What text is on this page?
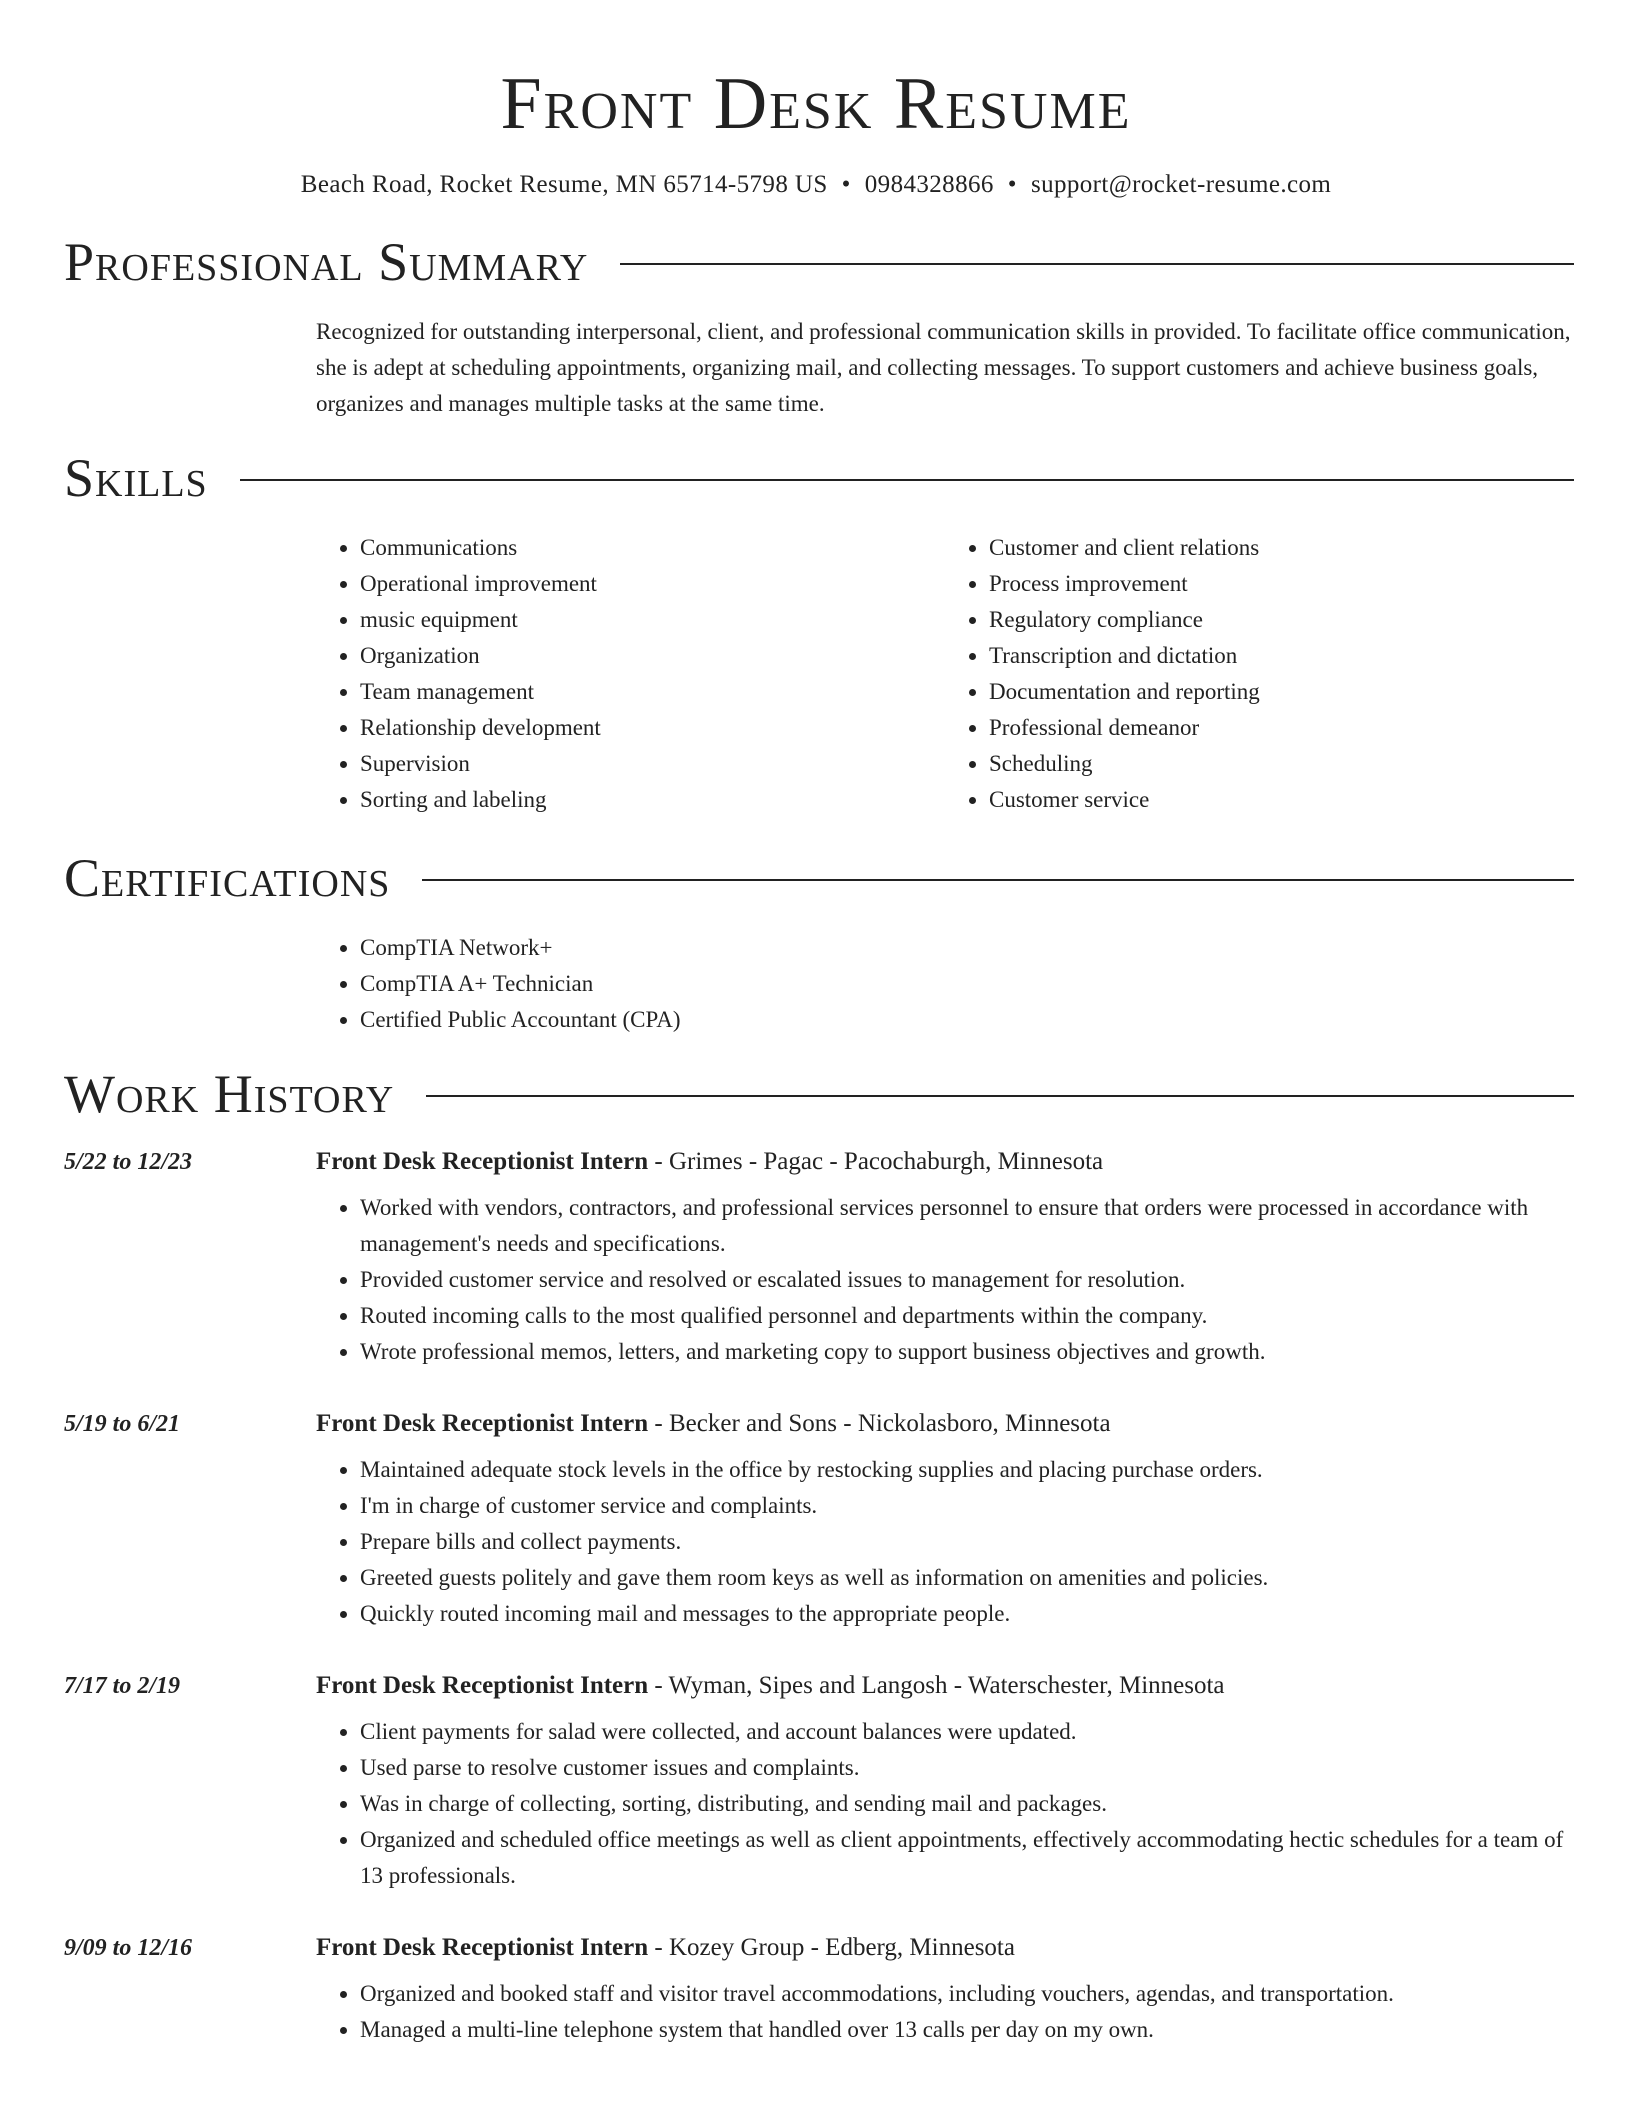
Front Desk Resume
Beach Road, Rocket Resume, MN 65714-5798 US • 0984328866 • support@rocket-resume.com
Professional Summary

Recognized for outstanding interpersonal, client, and professional communication skills in provided. To facilitate office communication, she is adept at scheduling appointments, organizing mail, and collecting messages. To support customers and achieve business goals, organizes and manages multiple tasks at the same time.

Skills
• Communications
• Operational improvement
• music equipment
• Organization
• Team management
• Relationship development
• Supervision
• Sorting and labeling
• Customer and client relations
• Process improvement
• Regulatory compliance
• Transcription and dictation
• Documentation and reporting
• Professional demeanor
• Scheduling
• Customer service
Certifications
• CompTIA Network+
• CompTIA A+ Technician
• Certified Public Accountant (CPA)
Work History
5/22 to 12/23	Front Desk Receptionist Intern - Grimes - Pagac - Pacochaburgh, Minnesota
• Worked with vendors, contractors, and professional services personnel to ensure that orders were processed in accordance with management's needs and specifications.
• Provided customer service and resolved or escalated issues to management for resolution.
• Routed incoming calls to the most qualified personnel and departments within the company.
• Wrote professional memos, letters, and marketing copy to support business objectives and growth.
5/19 to 6/21	Front Desk Receptionist Intern - Becker and Sons - Nickolasboro, Minnesota
• Maintained adequate stock levels in the office by restocking supplies and placing purchase orders.
• I'm in charge of customer service and complaints.
• Prepare bills and collect payments.
• Greeted guests politely and gave them room keys as well as information on amenities and policies.
• Quickly routed incoming mail and messages to the appropriate people.
7/17 to 2/19	Front Desk Receptionist Intern - Wyman, Sipes and Langosh - Waterschester, Minnesota
• Client payments for salad were collected, and account balances were updated.
• Used parse to resolve customer issues and complaints.
• Was in charge of collecting, sorting, distributing, and sending mail and packages.
• Organized and scheduled office meetings as well as client appointments, effectively accommodating hectic schedules for a team of 13 professionals.
9/09 to 12/16	Front Desk Receptionist Intern - Kozey Group - Edberg, Minnesota
• Organized and booked staff and visitor travel accommodations, including vouchers, agendas, and transportation.
• Managed a multi-line telephone system that handled over 13 calls per day on my own.
